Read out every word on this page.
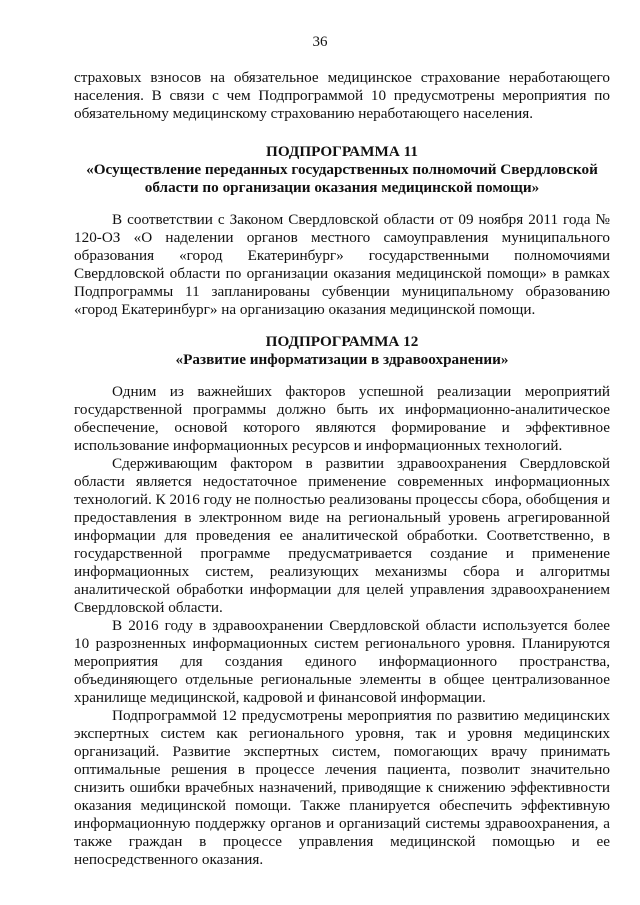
36

страховых взносов на обязательное медицинское страхование неработающего населения. В связи с чем Подпрограммой 10 предусмотрены мероприятия по обязательному медицинскому страхованию неработающего населения.

ПОДПРОГРАММА 11

«Осуществление переданных государственных полномочий Свердловской области по организации оказания медицинской помощи»

В соответствии с Законом Свердловской области от 09 ноября 2011 года № 120-ОЗ «О наделении органов местного самоуправления муниципального образования «город Екатеринбург» государственными полномочиями Свердловской области по организации оказания медицинской помощи» в рамках Подпрограммы 11 запланированы субвенции муниципальному образованию «город Екатеринбург» на организацию оказания медицинской помощи.

ПОДПРОГРАММА 12

«Развитие информатизации в здравоохранении»

Одним из важнейших факторов успешной реализации мероприятий государственной программы должно быть их информационно-аналитическое обеспечение, основой которого являются формирование и эффективное использование информационных ресурсов и информационных технологий.

Сдерживающим фактором в развитии здравоохранения Свердловской области является недостаточное применение современных информационных технологий. К 2016 году не полностью реализованы процессы сбора, обобщения и предоставления в электронном виде на региональный уровень агрегированной информации для проведения ее аналитической обработки. Соответственно, в государственной программе предусматривается создание и применение информационных систем, реализующих механизмы сбора и алгоритмы аналитической обработки информации для целей управления здравоохранением Свердловской области.

В 2016 году в здравоохранении Свердловской области используется более 10 разрозненных информационных систем регионального уровня. Планируются мероприятия для создания единого информационного пространства, объединяющего отдельные региональные элементы в общее централизованное хранилище медицинской, кадровой и финансовой информации.

Подпрограммой 12 предусмотрены мероприятия по развитию медицинских экспертных систем как регионального уровня, так и уровня медицинских организаций. Развитие экспертных систем, помогающих врачу принимать оптимальные решения в процессе лечения пациента, позволит значительно снизить ошибки врачебных назначений, приводящие к снижению эффективности оказания медицинской помощи. Также планируется обеспечить эффективную информационную поддержку органов и организаций системы здравоохранения, а также граждан в процессе управления медицинской помощью и ее непосредственного оказания.
